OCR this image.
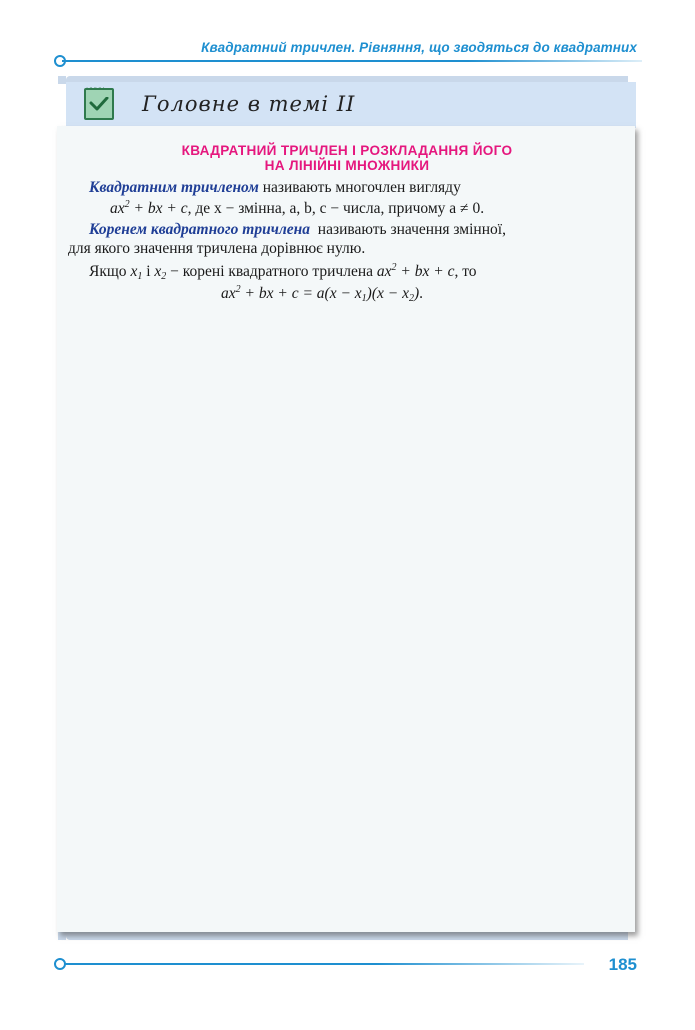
Квадратний тричлен. Рівняння, що зводяться до квадратних
Головне в темі II
КВАДРАТНИЙ ТРИЧЛЕН І РОЗКЛАДАННЯ ЙОГО
НА ЛІНІЙНІ МНОЖНИКИ
Квадратним тричленом називають многочлен вигляду
$ax^2$ + bx + c, де x − змінна, a, b, c − числа, причому a ≠ 0.
Коренем квадратного тричлена називають значення змінної,
для якого значення тричлена дорівнює нулю.
Якщо $x_1$ і $x_2$ − корені квадратного тричлена $ax^2$ + bx + c, то
$ax^2$ + bx + $c = a(x - x_1)(x - x_2)$.
185
